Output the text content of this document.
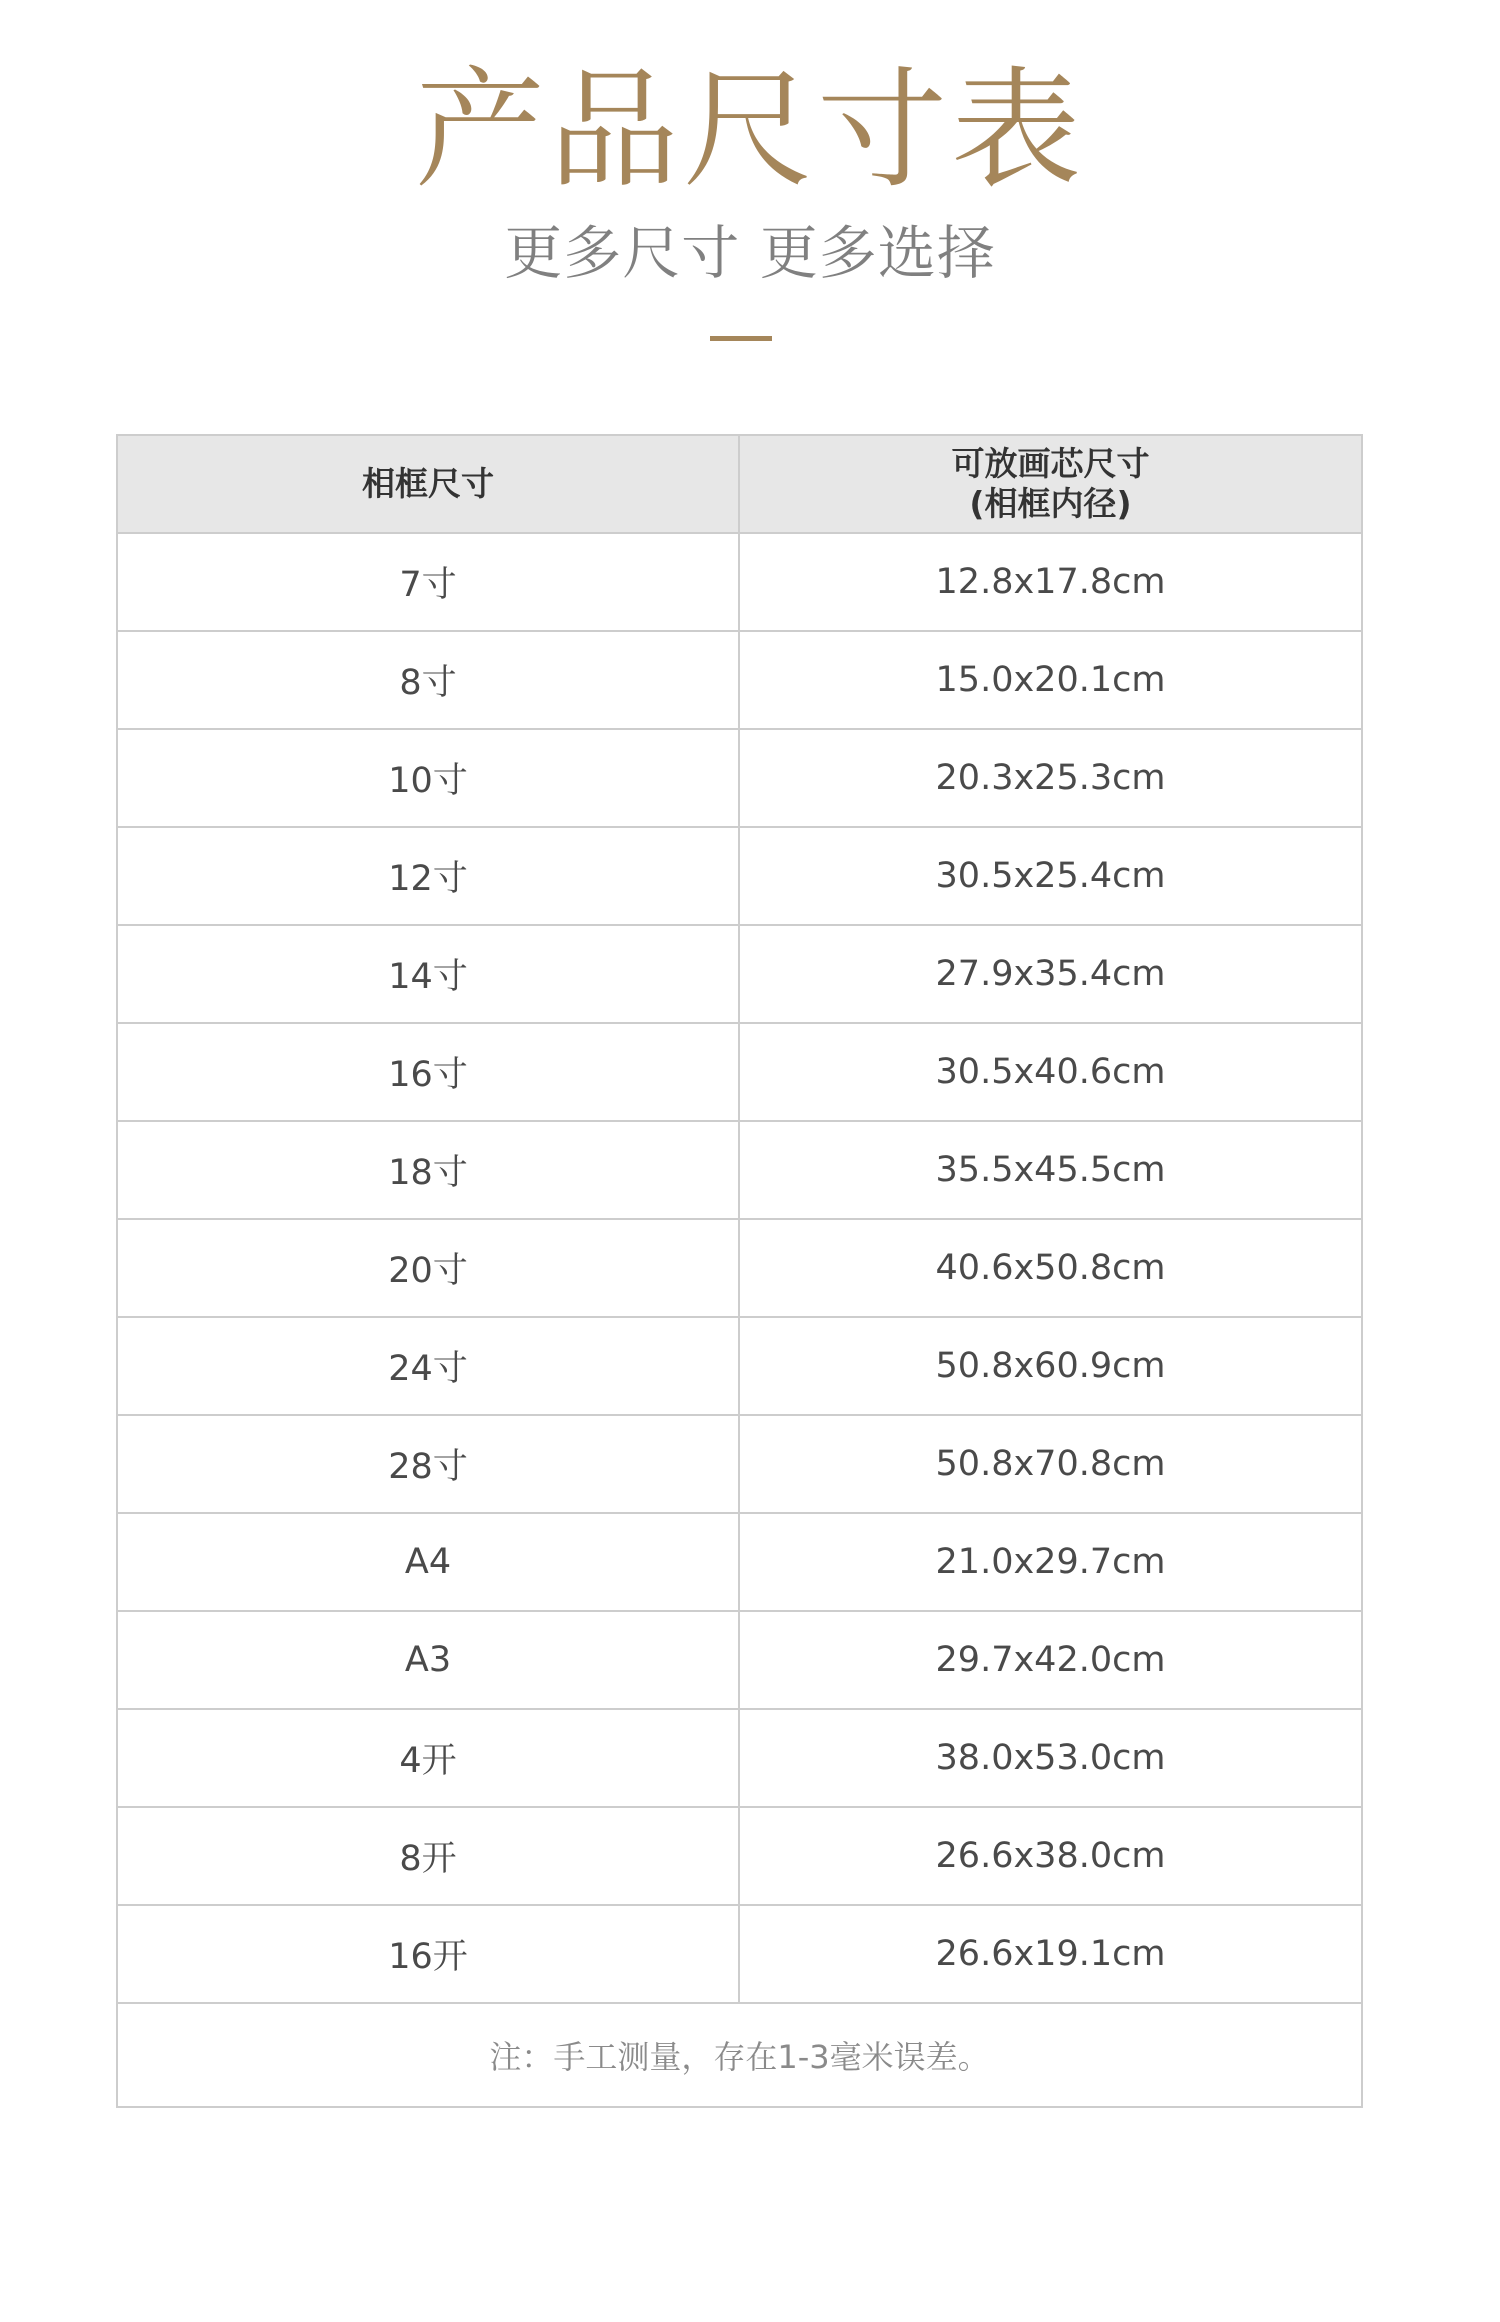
产品尺寸表
更多尺寸 更多选择
相框尺寸	可放画芯尺寸
(相框内径)

7寸	12.8x17.8cm
8寸	15.0x20.1cm
10寸	20.3x25.3cm
12寸	30.5x25.4cm
14寸	27.9x35.4cm
16寸	30.5x40.6cm
18寸	35.5x45.5cm
20寸	40.6x50.8cm
24寸	50.8x60.9cm
28寸	50.8x70.8cm
A4	21.0x29.7cm
A3	29.7x42.0cm
4开	38.0x53.0cm
8开	26.6x38.0cm
16开	26.6x19.1cm
注：手工测量，存在1-3毫米误差。	
